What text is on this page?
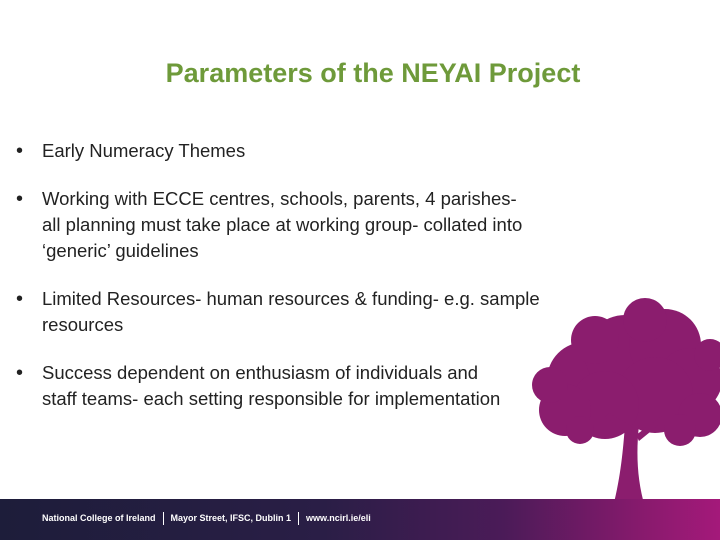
Parameters of the NEYAI Project
• Early Numeracy Themes
• Working with ECCE centres, schools, parents, 4 parishes- all planning must take place at working group- collated into ‘generic’ guidelines
• Limited Resources- human resources & funding- e.g. sample resources
• Success dependent on enthusiasm of individuals and staff teams- each setting responsible for implementation
National College of Ireland Mayor Street, IFSC, Dublin 1 www.ncirl.ie/eli
